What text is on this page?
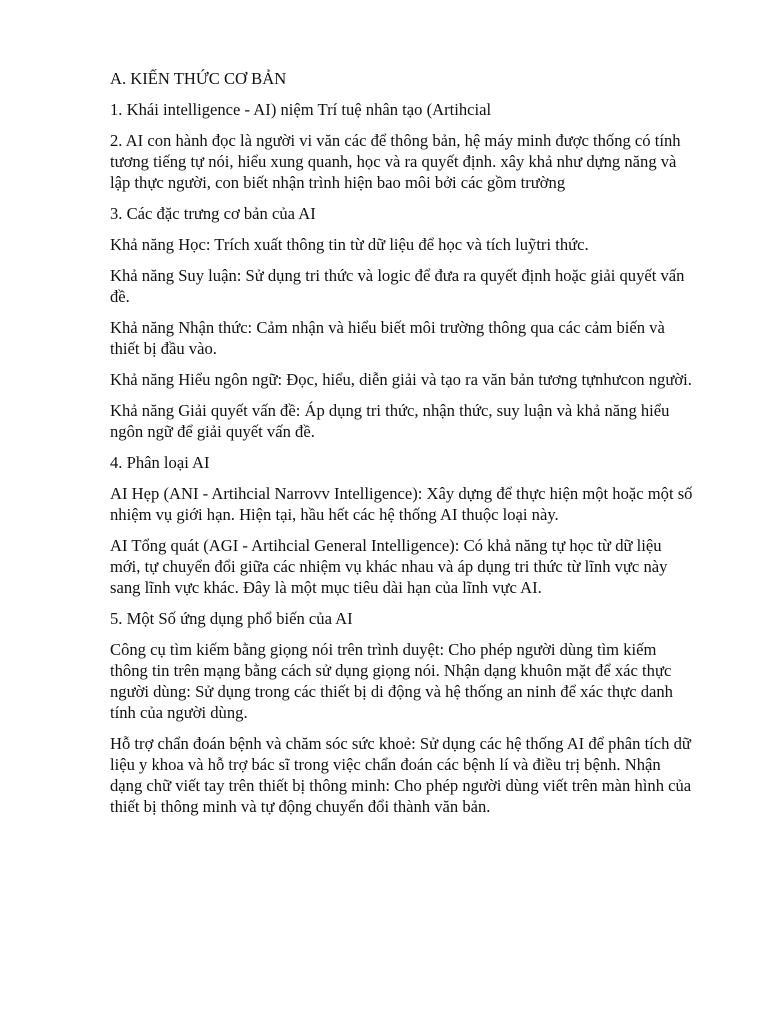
A. KIẾN THỨC CƠ BẢN

1. Khái intelligence - AI) niệm Trí tuệ nhân tạo (Artihcial

2. AI con hành đọc là người vi văn các để thông bản, hệ máy minh được thống có tính tương tiếng tự nói, hiểu xung quanh, học và ra quyết định. xây khả như dựng năng và lập thực người, con biết nhận trình hiện bao môi bởi các gồm trường

3. Các đặc trưng cơ bản của AI

Khả năng Học: Trích xuất thông tin từ dữ liệu để học và tích luỹtri thức.

Khả năng Suy luận: Sử dụng tri thức và logic để đưa ra quyết định hoặc giải quyết vấn đề.

Khả năng Nhận thức: Cảm nhận và hiểu biết môi trường thông qua các cảm biến và thiết bị đầu vào.

Khả năng Hiểu ngôn ngữ: Đọc, hiểu, diễn giải và tạo ra văn bản tương tựnhưcon người.

Khả năng Giải quyết vấn đề: Áp dụng tri thức, nhận thức, suy luận và khả năng hiểu ngôn ngữ để giải quyết vấn đề.

4. Phân loại AI

AI Hẹp (ANI - Artihcial Narrovv Intelligence): Xây dựng để thực hiện một hoặc một số nhiệm vụ giới hạn. Hiện tại, hầu hết các hệ thống AI thuộc loại này.

AI Tổng quát (AGI - Artihcial General Intelligence): Có khả năng tự học từ dữ liệu mới, tự chuyển đổi giữa các nhiệm vụ khác nhau và áp dụng tri thức từ lĩnh vực này sang lĩnh vực khác. Đây là một mục tiêu dài hạn của lĩnh vực AI.

5. Một Số ứng dụng phổ biến của AI

Công cụ tìm kiếm bằng giọng nói trên trình duyệt: Cho phép người dùng tìm kiếm thông tin trên mạng bằng cách sử dụng giọng nói. Nhận dạng khuôn mặt để xác thực người dùng: Sử dụng trong các thiết bị di động và hệ thống an ninh để xác thực danh tính của người dùng.

Hỗ trợ chẩn đoán bệnh và chăm sóc sức khoẻ: Sử dụng các hệ thống AI để phân tích dữ liệu y khoa và hỗ trợ bác sĩ trong việc chẩn đoán các bệnh lí và điều trị bệnh. Nhận dạng chữ viết tay trên thiết bị thông minh: Cho phép người dùng viết trên màn hình của thiết bị thông minh và tự động chuyển đổi thành văn bản.
